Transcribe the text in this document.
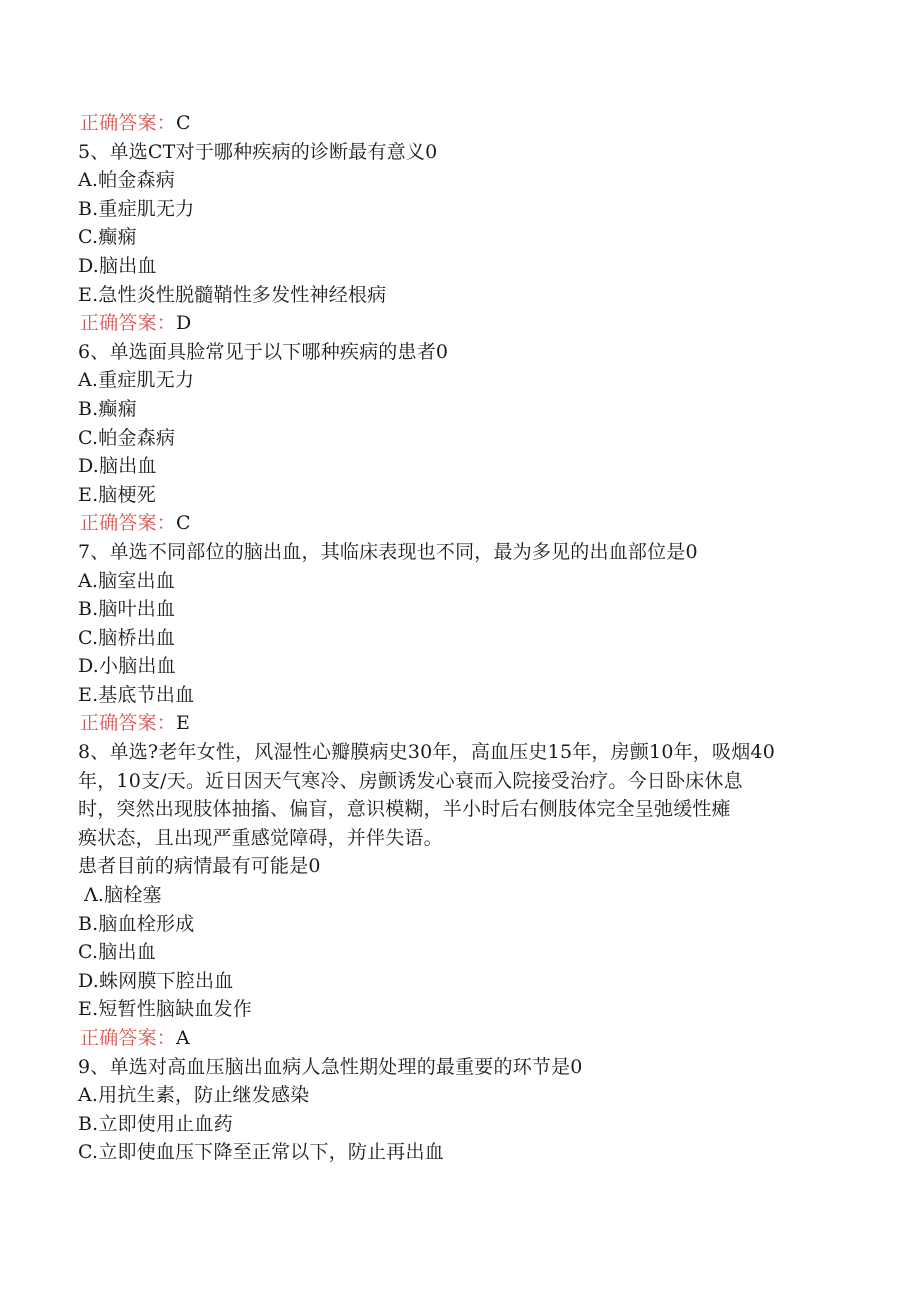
正确答案：C
5、单选CT对于哪种疾病的诊断最有意义0
A.帕金森病
B.重症肌无力
C.癫痫
D.脑出血
E.急性炎性脱髓鞘性多发性神经根病
正确答案：D
6、单选面具脸常见于以下哪种疾病的患者0
A.重症肌无力
B.癫痫
C.帕金森病
D.脑出血
E.脑梗死
正确答案：C
7、单选不同部位的脑出血，其临床表现也不同，最为多见的出血部位是0
A.脑室出血
B.脑叶出血
C.脑桥出血
D.小脑出血
E.基底节出血
正确答案：E
8、单选?老年女性，风湿性心瓣膜病史30年，高血压史15年，房颤10年，吸烟40
年，10支/天。近日因天气寒冷、房颤诱发心衰而入院接受治疗。今日卧床休息
时，突然出现肢体抽搐、偏盲，意识模糊，半小时后右侧肢体完全呈弛缓性瘫
痪状态，且出现严重感觉障碍，并伴失语。
患者目前的病情最有可能是0
Λ.脑栓塞
B.脑血栓形成
C.脑出血
D.蛛网膜下腔出血
E.短暂性脑缺血发作
正确答案：A
9、单选对高血压脑出血病人急性期处理的最重要的环节是0
A.用抗生素，防止继发感染
B.立即使用止血药
C.立即使血压下降至正常以下，防止再出血
